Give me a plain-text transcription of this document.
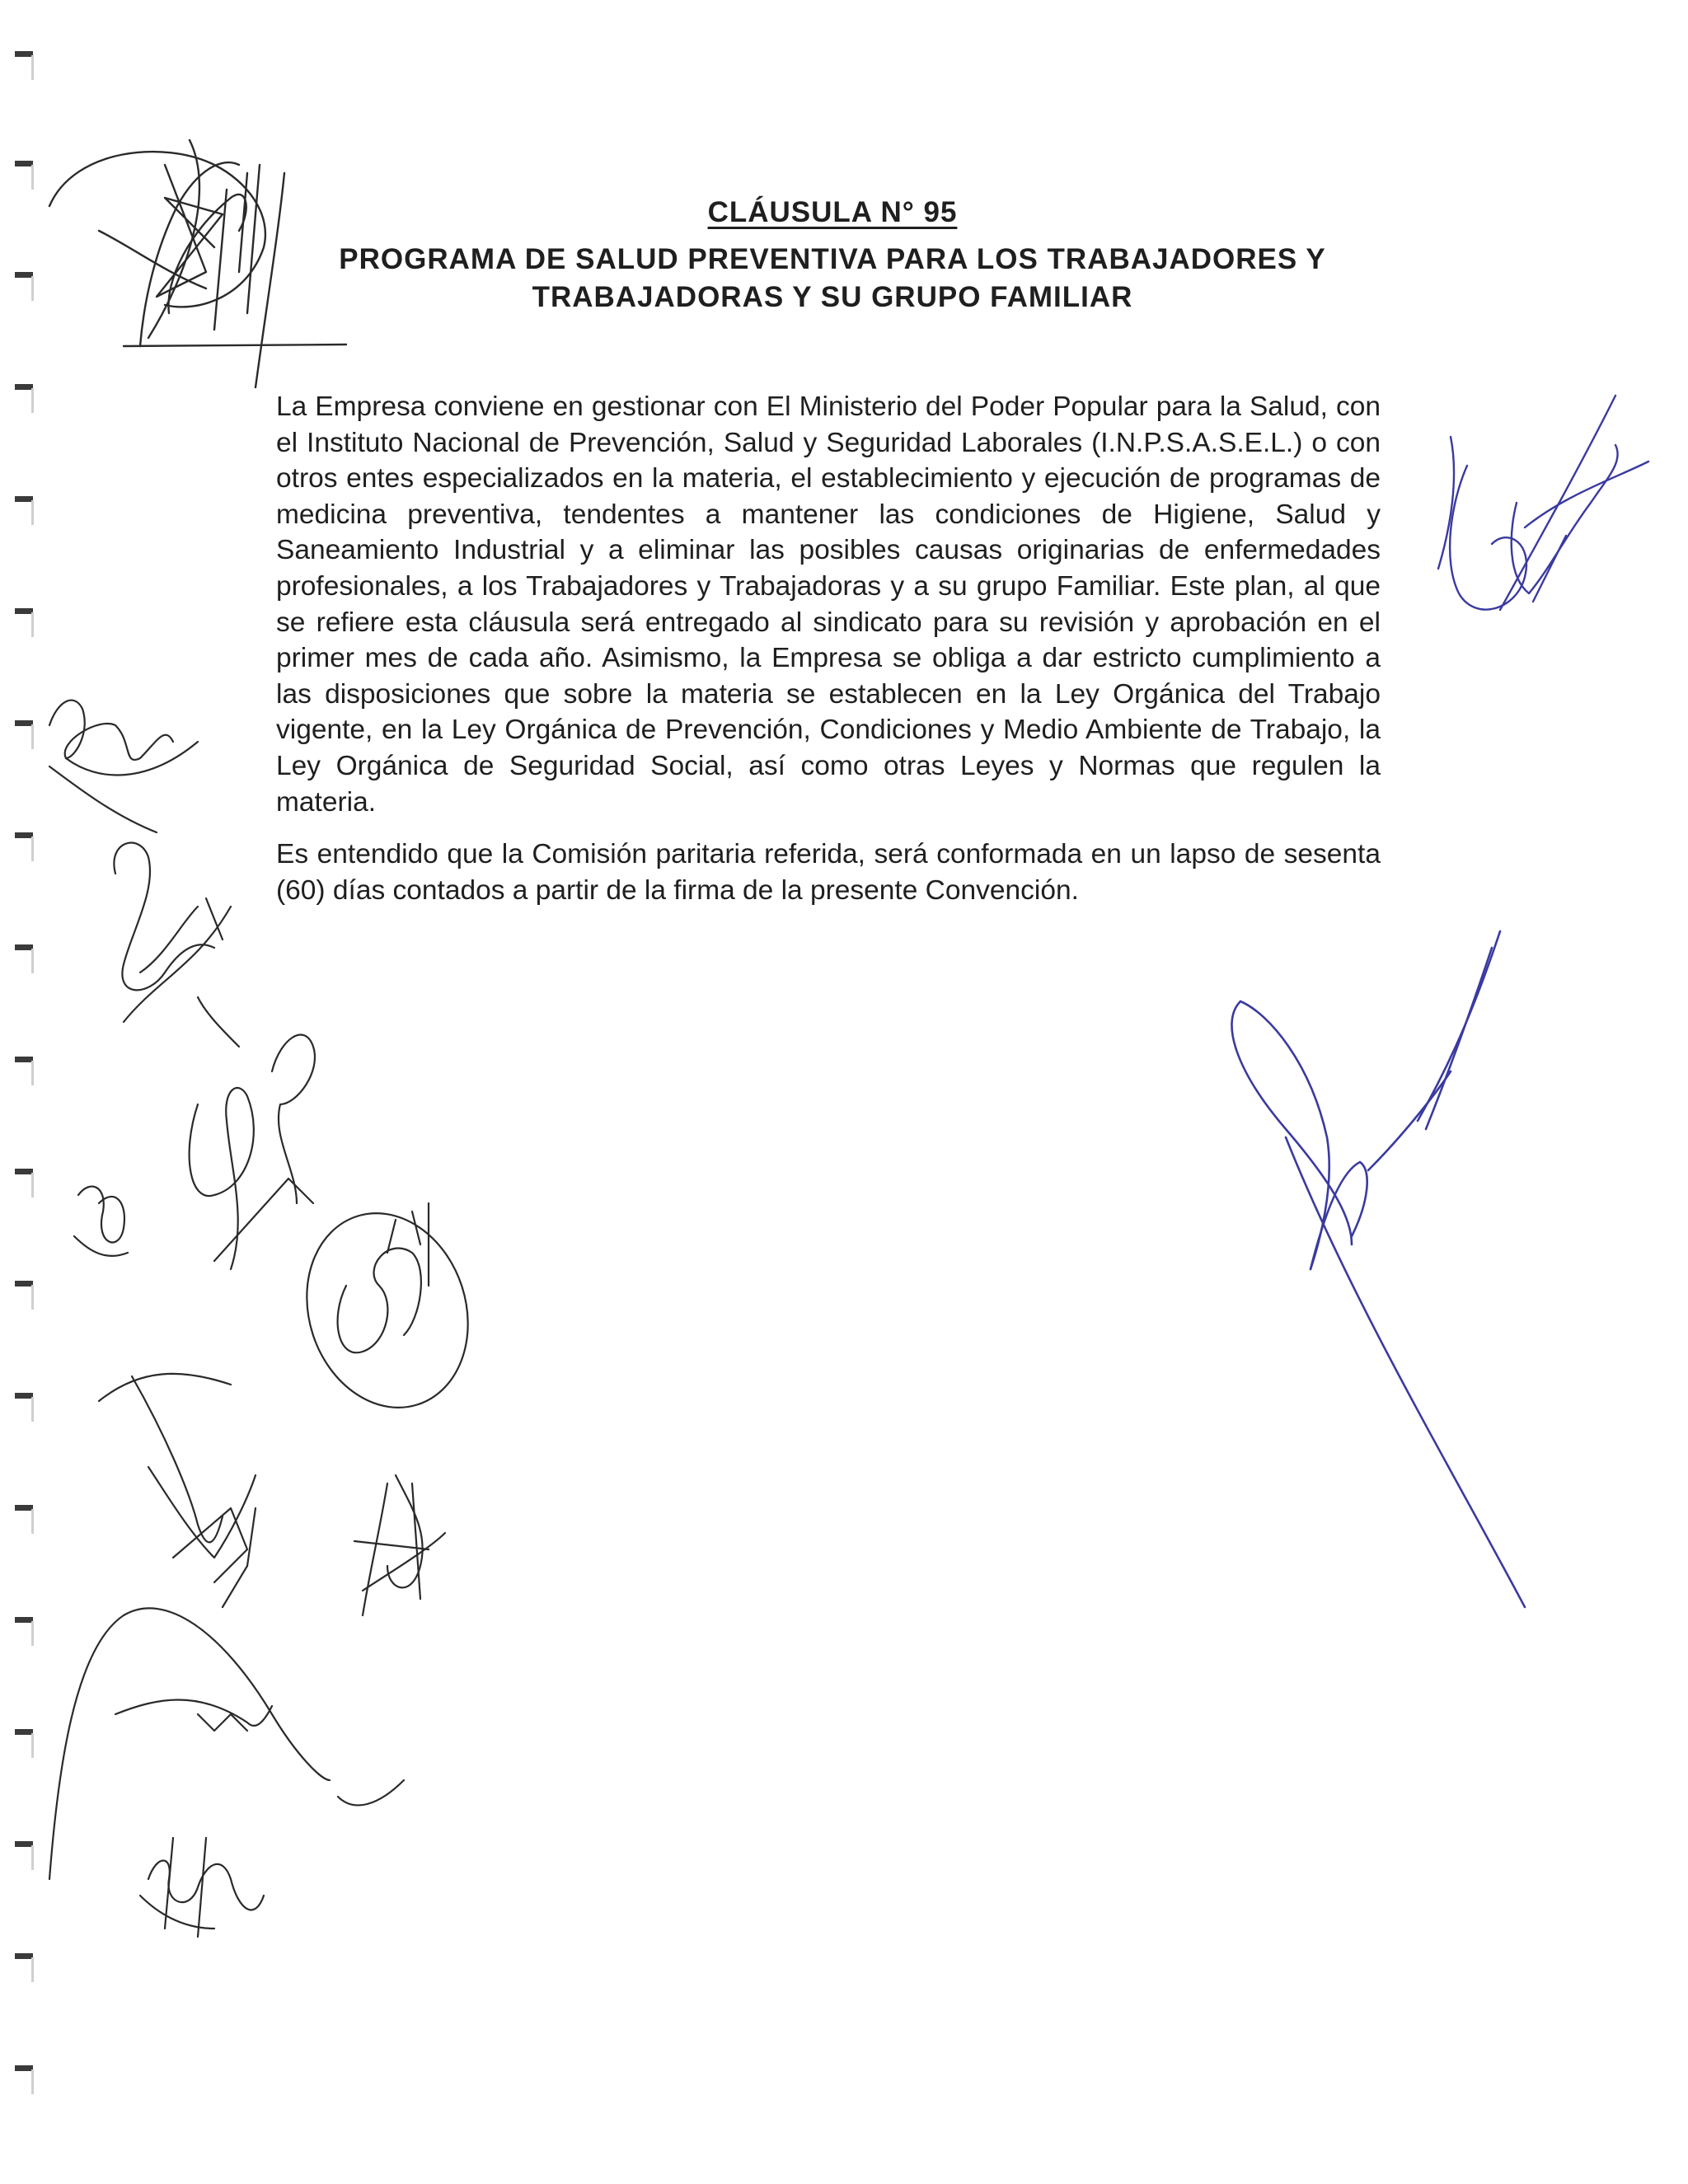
CLÁUSULA N° 95
PROGRAMA DE SALUD PREVENTIVA PARA LOS TRABAJADORES Y
TRABAJADORAS Y SU GRUPO FAMILIAR

La Empresa conviene en gestionar con El Ministerio del Poder Popular para la Salud, con el Instituto Nacional de Prevención, Salud y Seguridad Laborales (I.N.P.S.A.S.E.L.) o con otros entes especializados en la materia, el establecimiento y ejecución de programas de medicina preventiva, tendentes a mantener las condiciones de Higiene, Salud y Saneamiento Industrial y a eliminar las posibles causas originarias de enfermedades profesionales, a los Trabajadores y Trabajadoras y a su grupo Familiar. Este plan, al que se refiere esta cláusula será entregado al sindicato para su revisión y aprobación en el primer mes de cada año. Asimismo, la Empresa se obliga a dar estricto cumplimiento a las disposiciones que sobre la materia se establecen en la Ley Orgánica del Trabajo vigente, en la Ley Orgánica de Prevención, Condiciones y Medio Ambiente de Trabajo, la Ley Orgánica de Seguridad Social, así como otras Leyes y Normas que regulen la materia.

Es entendido que la Comisión paritaria referida, será conformada en un lapso de sesenta (60) días contados a partir de la firma de la presente Convención.
